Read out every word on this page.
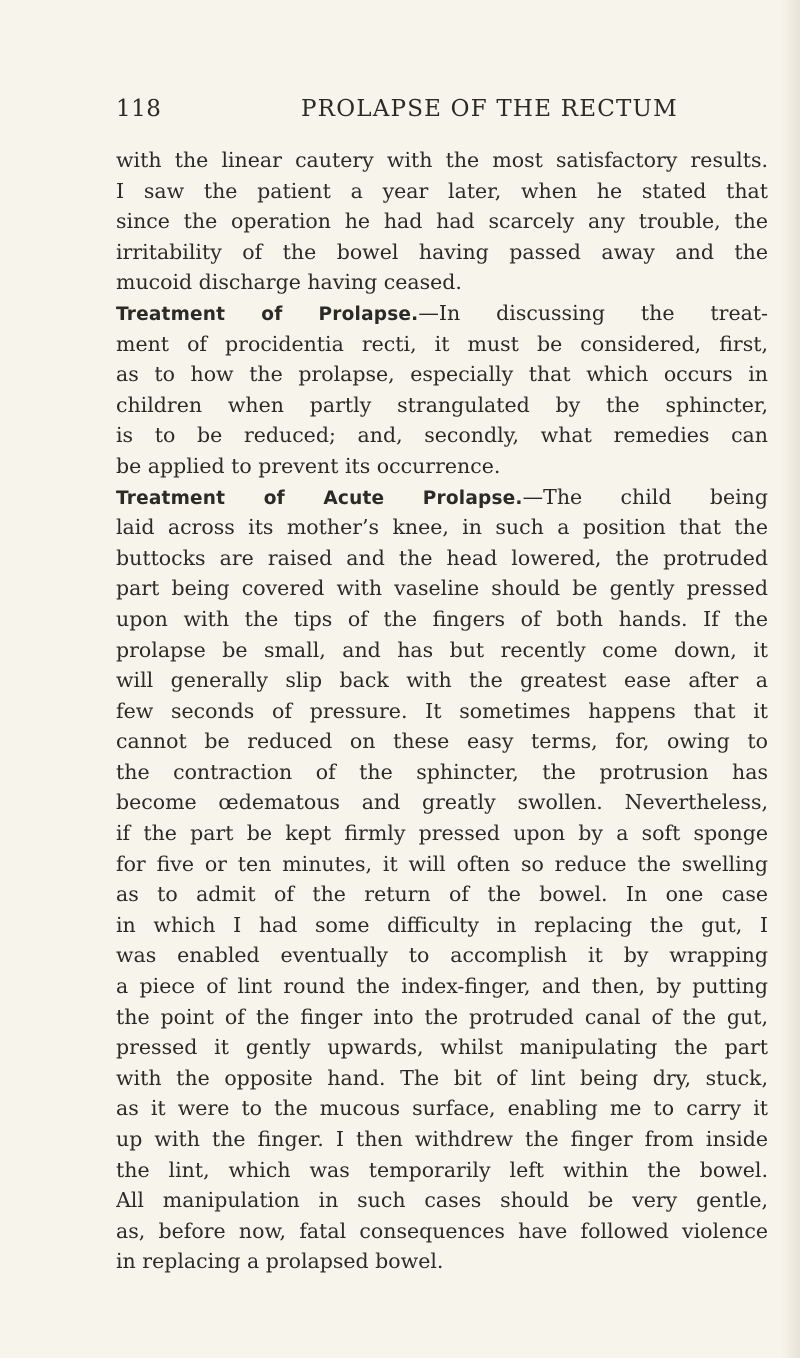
118	PROLAPSE OF THE RECTUM
with the linear cautery with the most satisfactory results.
I saw the patient a year later, when he stated that
since the operation he had had scarcely any trouble, the
irritability of the bowel having passed away and the
mucoid discharge having ceased.
Treatment of Prolapse.—In discussing the treat-
ment of procidentia recti, it must be considered, first,
as to how the prolapse, especially that which occurs in
children when partly strangulated by the sphincter,
is to be reduced; and, secondly, what remedies can
be applied to prevent its occurrence.
Treatment of Acute Prolapse.—The child being
laid across its mother’s knee, in such a position that the
buttocks are raised and the head lowered, the protruded
part being covered with vaseline should be gently pressed
upon with the tips of the fingers of both hands. If the
prolapse be small, and has but recently come down, it
will generally slip back with the greatest ease after a
few seconds of pressure. It sometimes happens that it
cannot be reduced on these easy terms, for, owing to
the contraction of the sphincter, the protrusion has
become œdematous and greatly swollen. Nevertheless,
if the part be kept firmly pressed upon by a soft sponge
for five or ten minutes, it will often so reduce the swelling
as to admit of the return of the bowel. In one case
in which I had some difficulty in replacing the gut, I
was enabled eventually to accomplish it by wrapping
a piece of lint round the index-finger, and then, by putting
the point of the finger into the protruded canal of the gut,
pressed it gently upwards, whilst manipulating the part
with the opposite hand. The bit of lint being dry, stuck,
as it were to the mucous surface, enabling me to carry it
up with the finger. I then withdrew the finger from inside
the lint, which was temporarily left within the bowel.
All manipulation in such cases should be very gentle,
as, before now, fatal consequences have followed violence
in replacing a prolapsed bowel.
